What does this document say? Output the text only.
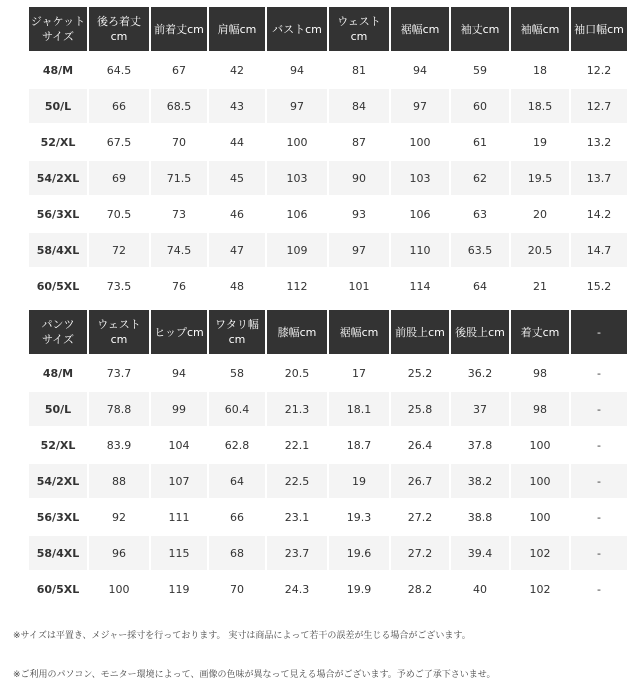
ジャケット
サイズ	後ろ着丈cm	前着丈cm	肩幅cm	バストcm	ウェストcm	裾幅cm	袖丈cm	袖幅cm	袖口幅cm
48/M	64.5	67	42	94	81	94	59	18	12.2
50/L	66	68.5	43	97	84	97	60	18.5	12.7
52/XL	67.5	70	44	100	87	100	61	19	13.2
54/2XL	69	71.5	45	103	90	103	62	19.5	13.7
56/3XL	70.5	73	46	106	93	106	63	20	14.2
58/4XL	72	74.5	47	109	97	110	63.5	20.5	14.7
60/5XL	73.5	76	48	112	101	114	64	21	15.2
パンツ
サイズ	ウェストcm	ヒップcm	ワタリ幅cm	膝幅cm	裾幅cm	前股上cm	後股上cm	着丈cm	-
48/M	73.7	94	58	20.5	17	25.2	36.2	98	-
50/L	78.8	99	60.4	21.3	18.1	25.8	37	98	-
52/XL	83.9	104	62.8	22.1	18.7	26.4	37.8	100	-
54/2XL	88	107	64	22.5	19	26.7	38.2	100	-
56/3XL	92	111	66	23.1	19.3	27.2	38.8	100	-
58/4XL	96	115	68	23.7	19.6	27.2	39.4	102	-
60/5XL	100	119	70	24.3	19.9	28.2	40	102	-
※サイズは平置き、メジャー採寸を行っております。 実寸は商品によって若干の誤差が生じる場合がございます。
※ご利用のパソコン、モニター環境によって、画像の色味が異なって見える場合がございます。予めご了承下さいませ。
